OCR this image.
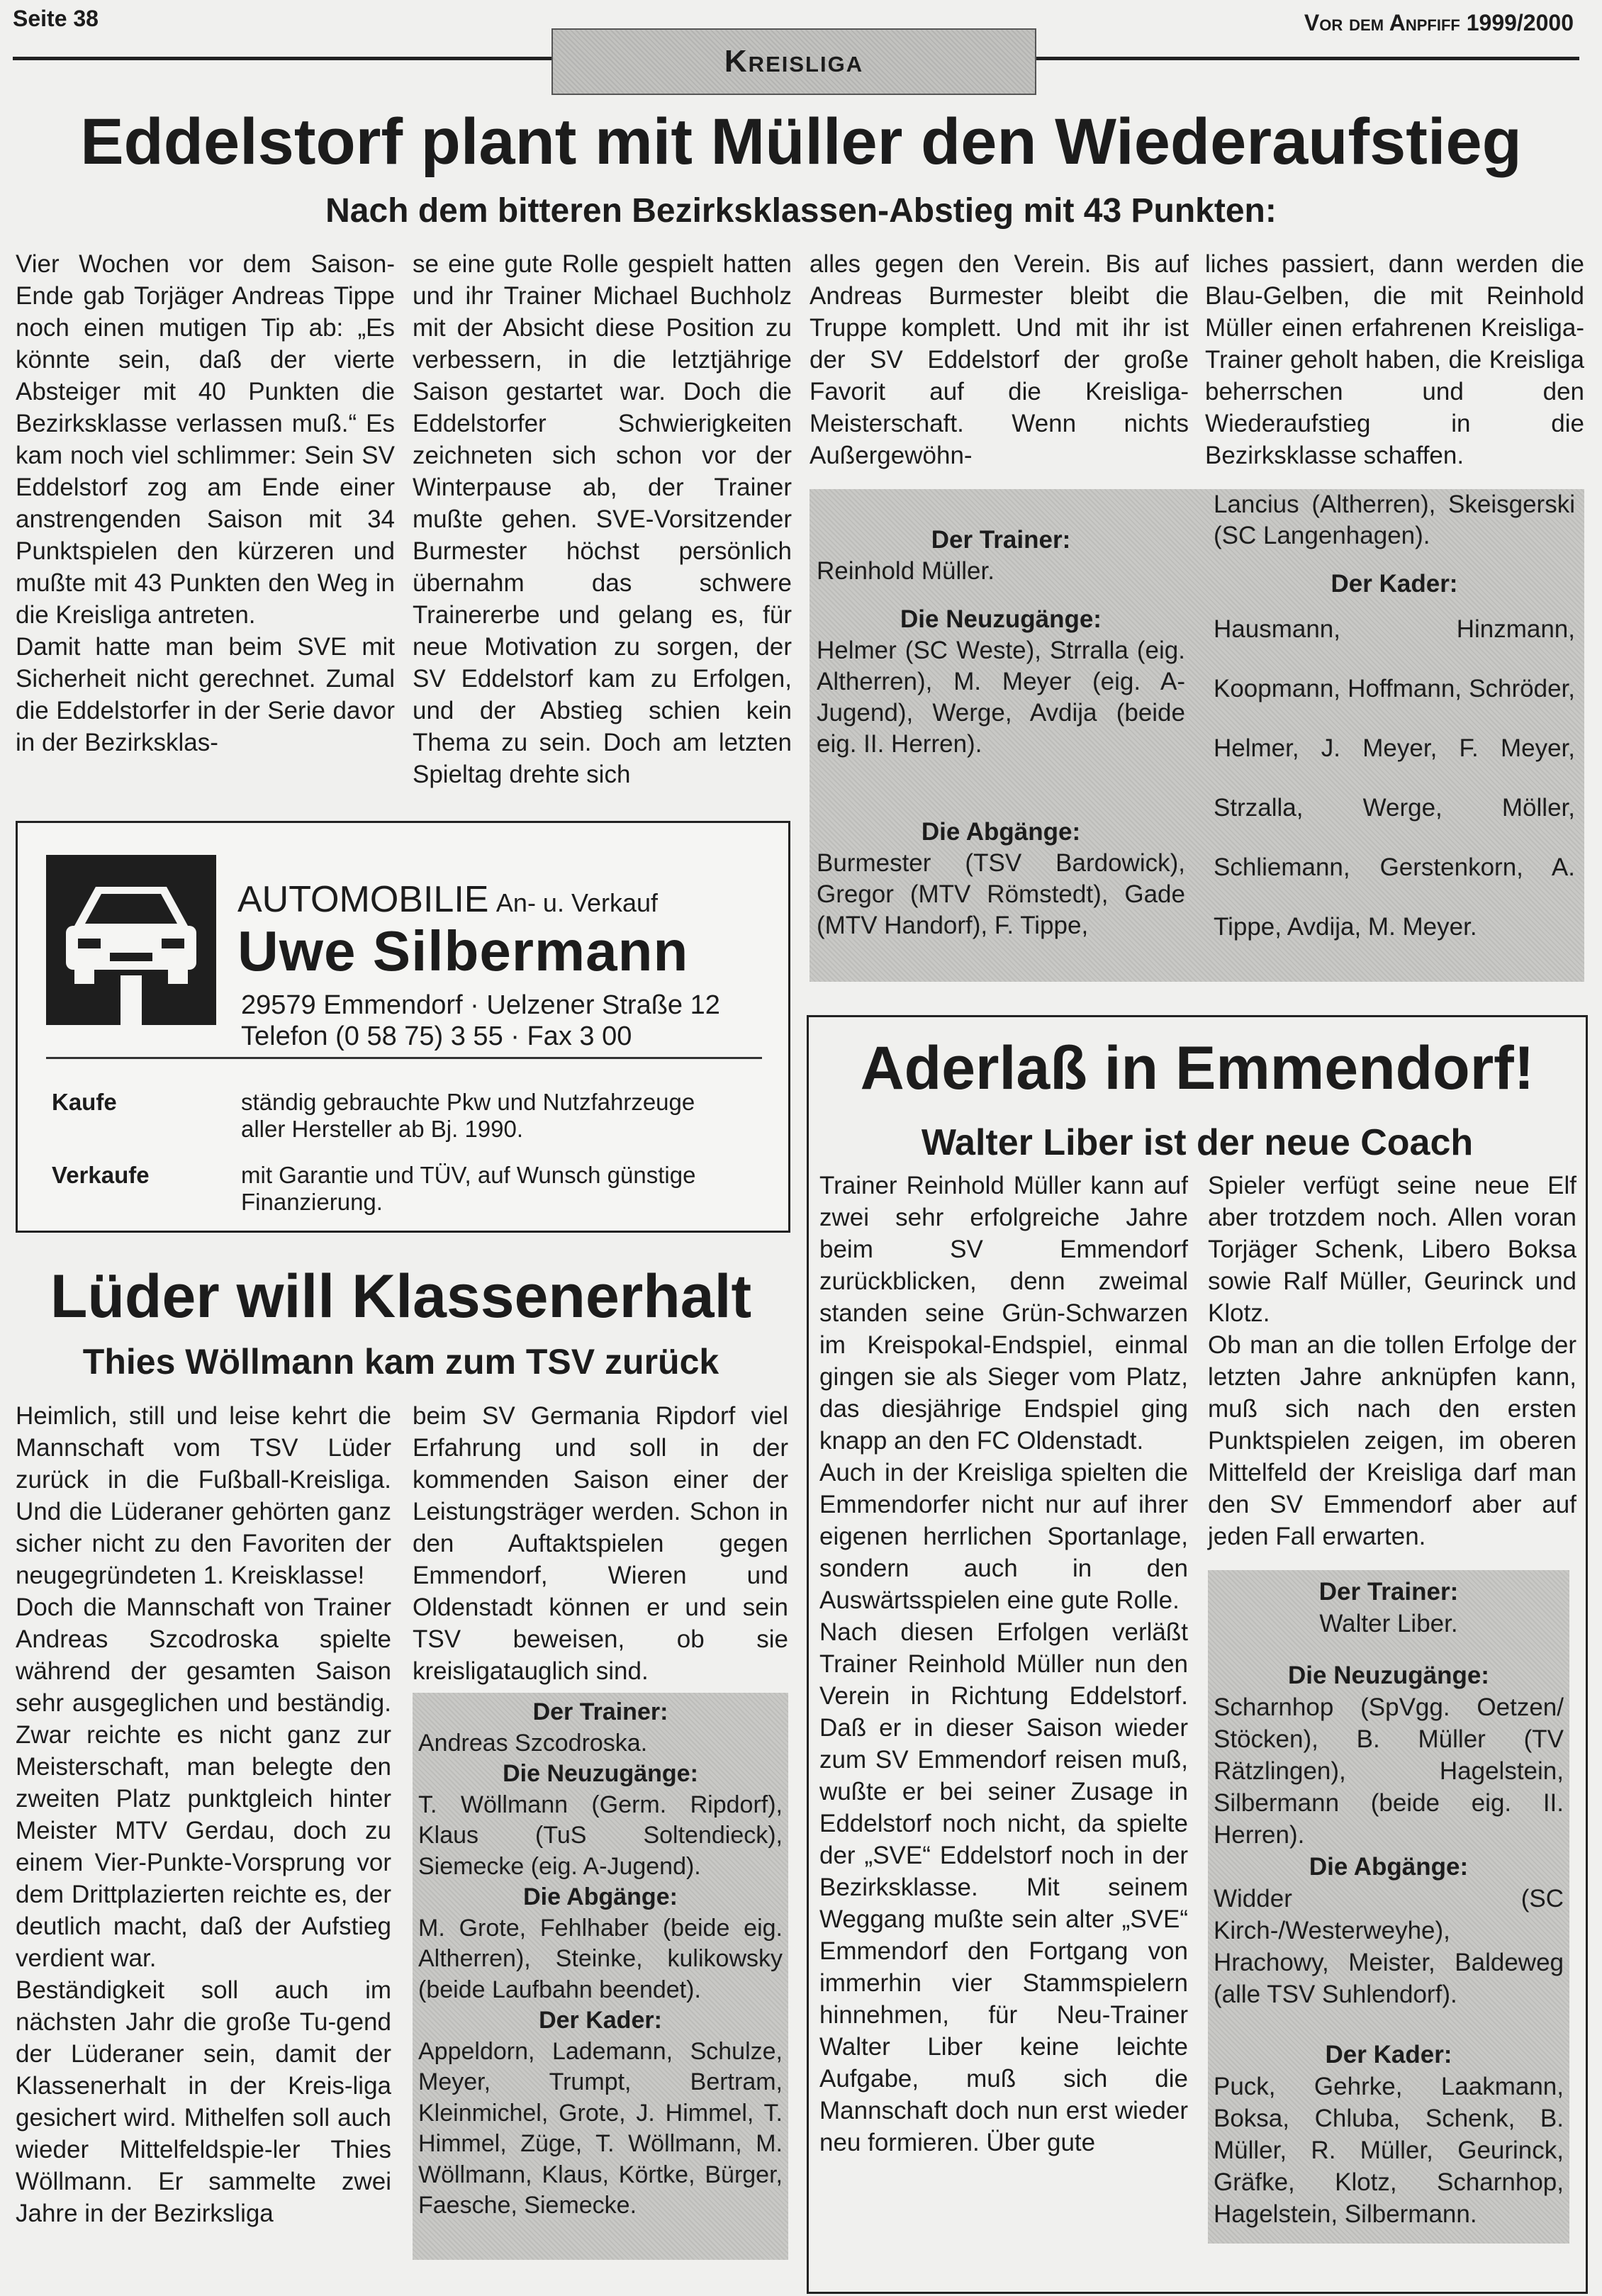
Seite 38	Vor dem Anpfiff 1999/2000
Kreisliga
Eddelstorf plant mit Müller den Wiederaufstieg
Nach dem bitteren Bezirksklassen-Abstieg mit 43 Punkten:

Vier Wochen vor dem Saison-Ende gab Torjäger Andreas Tippe noch einen mutigen Tip ab: „Es könnte sein, daß der vierte Absteiger mit 40 Punkten die Bezirksklasse verlassen muß.“ Es kam noch viel schlimmer: Sein SV Eddelstorf zog am Ende einer anstrengenden Saison mit 34 Punktspielen den kürzeren und mußte mit 43 Punkten den Weg in die Kreisliga antreten.

Damit hatte man beim SVE mit Sicherheit nicht gerechnet. Zumal die Eddelstorfer in der Serie davor in der Bezirksklas-

se eine gute Rolle gespielt hatten und ihr Trainer Michael Buchholz mit der Absicht diese Position zu verbessern, in die letztjährige Saison gestartet war. Doch die Eddelstorfer Schwierigkeiten zeichneten sich schon vor der Winterpause ab, der Trainer mußte gehen. SVE-Vorsitzender Burmester höchst persönlich übernahm das schwere Trainererbe und gelang es, für neue Motivation zu sorgen, der SV Eddelstorf kam zu Erfolgen, und der Abstieg schien kein Thema zu sein. Doch am letzten Spieltag drehte sich

alles gegen den Verein. Bis auf Andreas Burmester bleibt die Truppe komplett. Und mit ihr ist der SV Eddelstorf der große Favorit auf die Kreisliga-Meisterschaft. Wenn nichts Außergewöhn-

liches passiert, dann werden die Blau-Gelben, die mit Reinhold Müller einen erfahrenen Kreisliga-Trainer geholt haben, die Kreisliga beherrschen und den Wiederaufstieg in die Bezirksklasse schaffen.

Der Trainer:
Reinhold Müller.
Die Neuzugänge:
Helmer (SC Weste), Strralla (eig. Altherren), M. Meyer (eig. A-Jugend), Werge, Avdija (beide eig. II. Herren).
Die Abgänge:
Burmester (TSV Bardowick), Gregor (MTV Römstedt), Gade (MTV Handorf), F. Tippe,
Lancius (Altherren), Skeisgerski (SC Langenhagen).
Der Kader:
Hausmann, Hinzmann, Koopmann, Hoffmann, Schröder, Helmer, J. Meyer, F. Meyer, Strzalla, Werge, Möller, Schliemann, Gerstenkorn, A. Tippe, Avdija, M. Meyer.
AUTOMOBILIE An- u. Verkauf
Uwe Silbermann
29579 Emmendorf · Uelzener Straße 12
Telefon (0 58 75) 3 55 · Fax 3 00
Kaufe	ständig gebrauchte Pkw und Nutzfahrzeuge aller Hersteller ab Bj. 1990.
Verkaufe	mit Garantie und TÜV, auf Wunsch günstige Finanzierung.
Lüder will Klassenerhalt
Thies Wöllmann kam zum TSV zurück

Heimlich, still und leise kehrt die Mannschaft vom TSV Lüder zurück in die Fußball-Kreisliga. Und die Lüderaner gehörten ganz sicher nicht zu den Favoriten der neugegründeten 1. Kreisklasse!

Doch die Mannschaft von Trainer Andreas Szcodroska spielte während der gesamten Saison sehr ausgeglichen und beständig. Zwar reichte es nicht ganz zur Meisterschaft, man belegte den zweiten Platz punktgleich hinter Meister MTV Gerdau, doch zu einem Vier-Punkte-Vorsprung vor dem Drittplazierten reichte es, der deutlich macht, daß der Aufstieg verdient war.

Beständigkeit soll auch im nächsten Jahr die große Tu-gend der Lüderaner sein, damit der Klassenerhalt in der Kreis-liga gesichert wird. Mithelfen soll auch wieder Mittelfeldspie-ler Thies Wöllmann. Er sammelte zwei Jahre in der Bezirksliga

beim SV Germania Ripdorf viel Erfahrung und soll in der kommenden Saison einer der Leistungsträger werden. Schon in den Auftaktspielen gegen Emmendorf, Wieren und Oldenstadt können er und sein TSV beweisen, ob sie kreisligatauglich sind.

Der Trainer:
Andreas Szcodroska.
Die Neuzugänge:
T. Wöllmann (Germ. Ripdorf), Klaus (TuS Soltendieck), Siemecke (eig. A-Jugend).
Die Abgänge:
M. Grote, Fehlhaber (beide eig. Altherren), Steinke, kulikowsky (beide Laufbahn beendet).
Der Kader:
Appeldorn, Lademann, Schulze, Meyer, Trumpt, Bertram, Kleinmichel, Grote, J. Himmel, T. Himmel, Züge, T. Wöllmann, M. Wöllmann, Klaus, Körtke, Bürger, Faesche, Siemecke.
Aderlaß in Emmendorf!
Walter Liber ist der neue Coach

Trainer Reinhold Müller kann auf zwei sehr erfolgreiche Jahre beim SV Emmendorf zurückblicken, denn zweimal standen seine Grün-Schwarzen im Kreispokal-Endspiel, einmal gingen sie als Sieger vom Platz, das diesjährige Endspiel ging knapp an den FC Oldenstadt.

Auch in der Kreisliga spielten die Emmendorfer nicht nur auf ihrer eigenen herrlichen Sportanlage, sondern auch in den Auswärtsspielen eine gute Rolle.

Nach diesen Erfolgen verläßt Trainer Reinhold Müller nun den Verein in Richtung Eddelstorf. Daß er in dieser Saison wieder zum SV Emmendorf reisen muß, wußte er bei seiner Zusage in Eddelstorf noch nicht, da spielte der „SVE“ Eddelstorf noch in der Bezirksklasse. Mit seinem Weggang mußte sein alter „SVE“ Emmendorf den Fortgang von immerhin vier Stammspielern hinnehmen, für Neu-Trainer Walter Liber keine leichte Aufgabe, muß sich die Mannschaft doch nun erst wieder neu formieren. Über gute

Spieler verfügt seine neue Elf aber trotzdem noch. Allen voran Torjäger Schenk, Libero Boksa sowie Ralf Müller, Geurinck und Klotz.

Ob man an die tollen Erfolge der letzten Jahre anknüpfen kann, muß sich nach den ersten Punktspielen zeigen, im oberen Mittelfeld der Kreisliga darf man den SV Emmendorf aber auf jeden Fall erwarten.

Der Trainer:
Walter Liber.
Die Neuzugänge:
Scharnhop (SpVgg. Oetzen/ Stöcken), B. Müller (TV Rätzlingen), Hagelstein, Silbermann (beide eig. II. Herren).
Die Abgänge:
Widder (SC Kirch-/Westerweyhe), Hrachowy, Meister, Baldeweg (alle TSV Suhlendorf).
Der Kader:
Puck, Gehrke, Laakmann, Boksa, Chluba, Schenk, B. Müller, R. Müller, Geurinck, Gräfke, Klotz, Scharnhop, Hagelstein, Silbermann.
